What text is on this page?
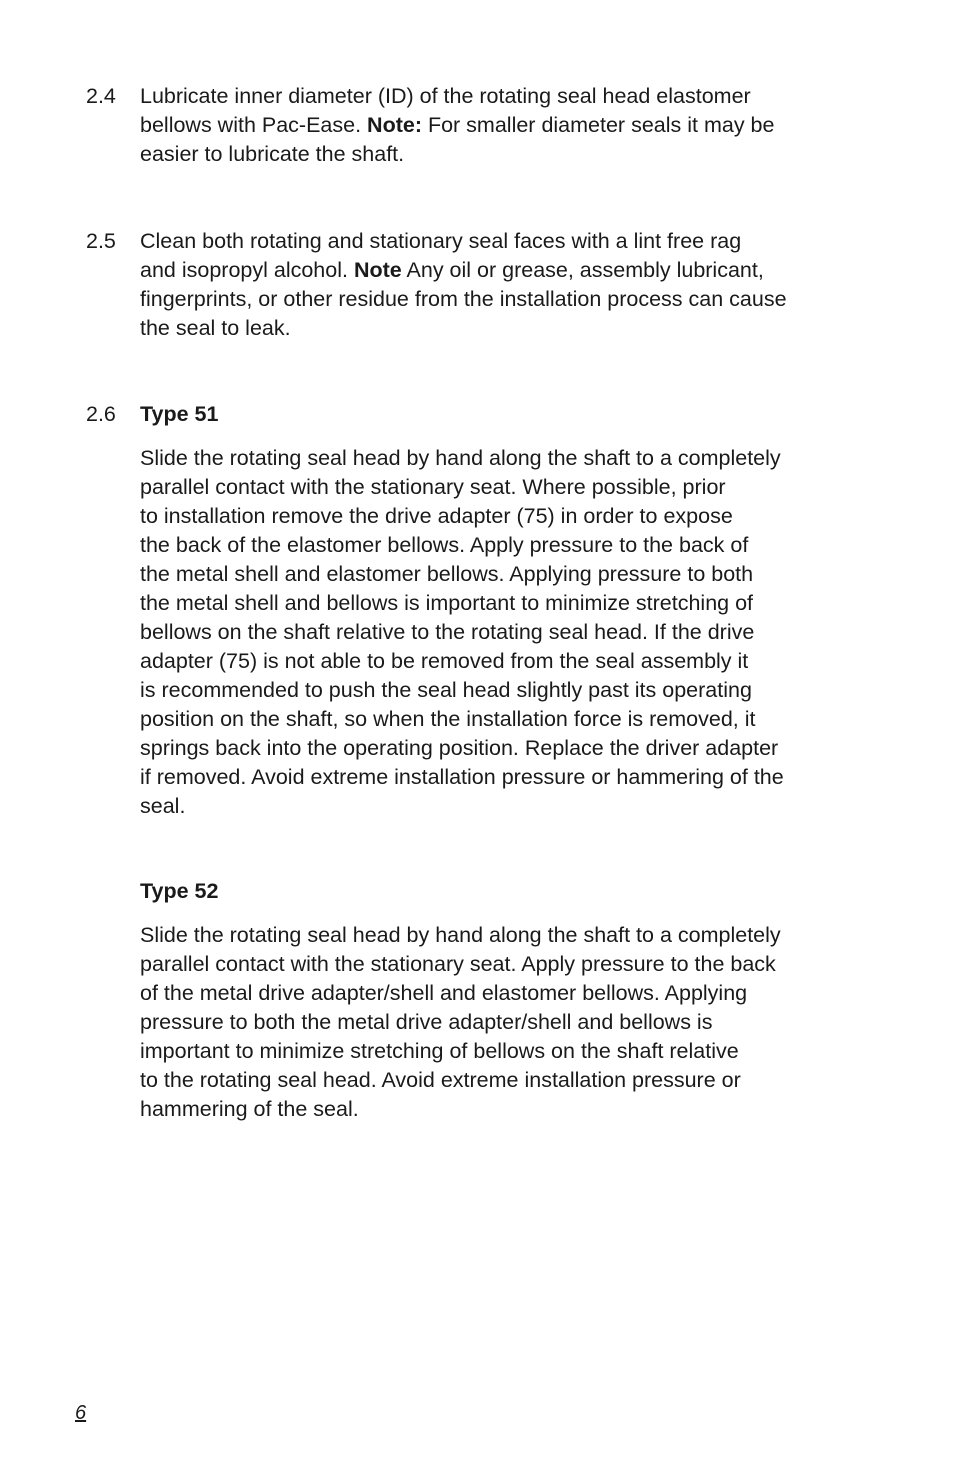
2.4 Lubricate inner diameter (ID) of the rotating seal head elastomer
bellows with Pac-Ease. Note: For smaller diameter seals it may be
easier to lubricate the shaft.
2.5 Clean both rotating and stationary seal faces with a lint free rag
and isopropyl alcohol. Note Any oil or grease, assembly lubricant,
fingerprints, or other residue from the installation process can cause
the seal to leak.
2.6 Type 51
Slide the rotating seal head by hand along the shaft to a completely
parallel contact with the stationary seat. Where possible, prior
to installation remove the drive adapter (75) in order to expose
the back of the elastomer bellows. Apply pressure to the back of
the metal shell and elastomer bellows. Applying pressure to both
the metal shell and bellows is important to minimize stretching of
bellows on the shaft relative to the rotating seal head. If the drive
adapter (75) is not able to be removed from the seal assembly it
is recommended to push the seal head slightly past its operating
position on the shaft, so when the installation force is removed, it
springs back into the operating position. Replace the driver adapter
if removed. Avoid extreme installation pressure or hammering of the
seal.
Type 52
Slide the rotating seal head by hand along the shaft to a completely
parallel contact with the stationary seat. Apply pressure to the back
of the metal drive adapter/shell and elastomer bellows. Applying
pressure to both the metal drive adapter/shell and bellows is
important to minimize stretching of bellows on the shaft relative
to the rotating seal head. Avoid extreme installation pressure or
hammering of the seal.
6
